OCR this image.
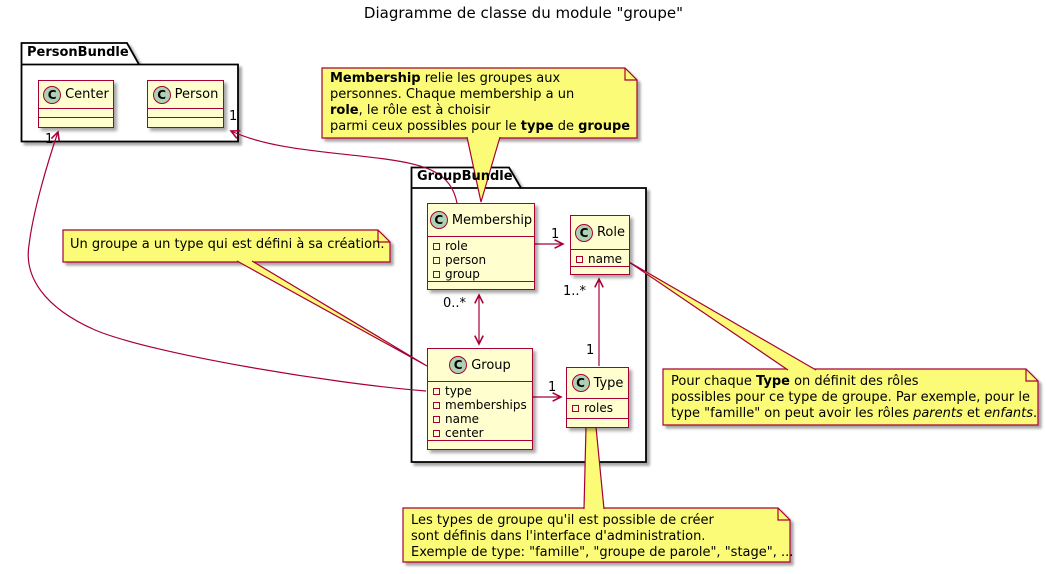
Diagramme de classe du module "groupe"
PersonBundle
GroupBundle
C Center	C Person
C Membership
role
person
group
C Role
name
C Group
type
memberships
name
center
C Type
roles
1
1
1
0..*
1..*
1
1
Membership relie les groupes aux
personnes. Chaque membership a un
role, le rôle est à choisir
parmi ceux possibles pour le type de groupe
Un groupe a un type qui est défini à sa création.
Pour chaque Type on définit des rôles
possibles pour ce type de groupe. Par exemple, pour le
type "famille" on peut avoir les rôles parents et enfants.
Les types de groupe qu'il est possible de créer
sont définis dans l'interface d'administration.
Exemple de type: "famille", "groupe de parole", "stage", ...
